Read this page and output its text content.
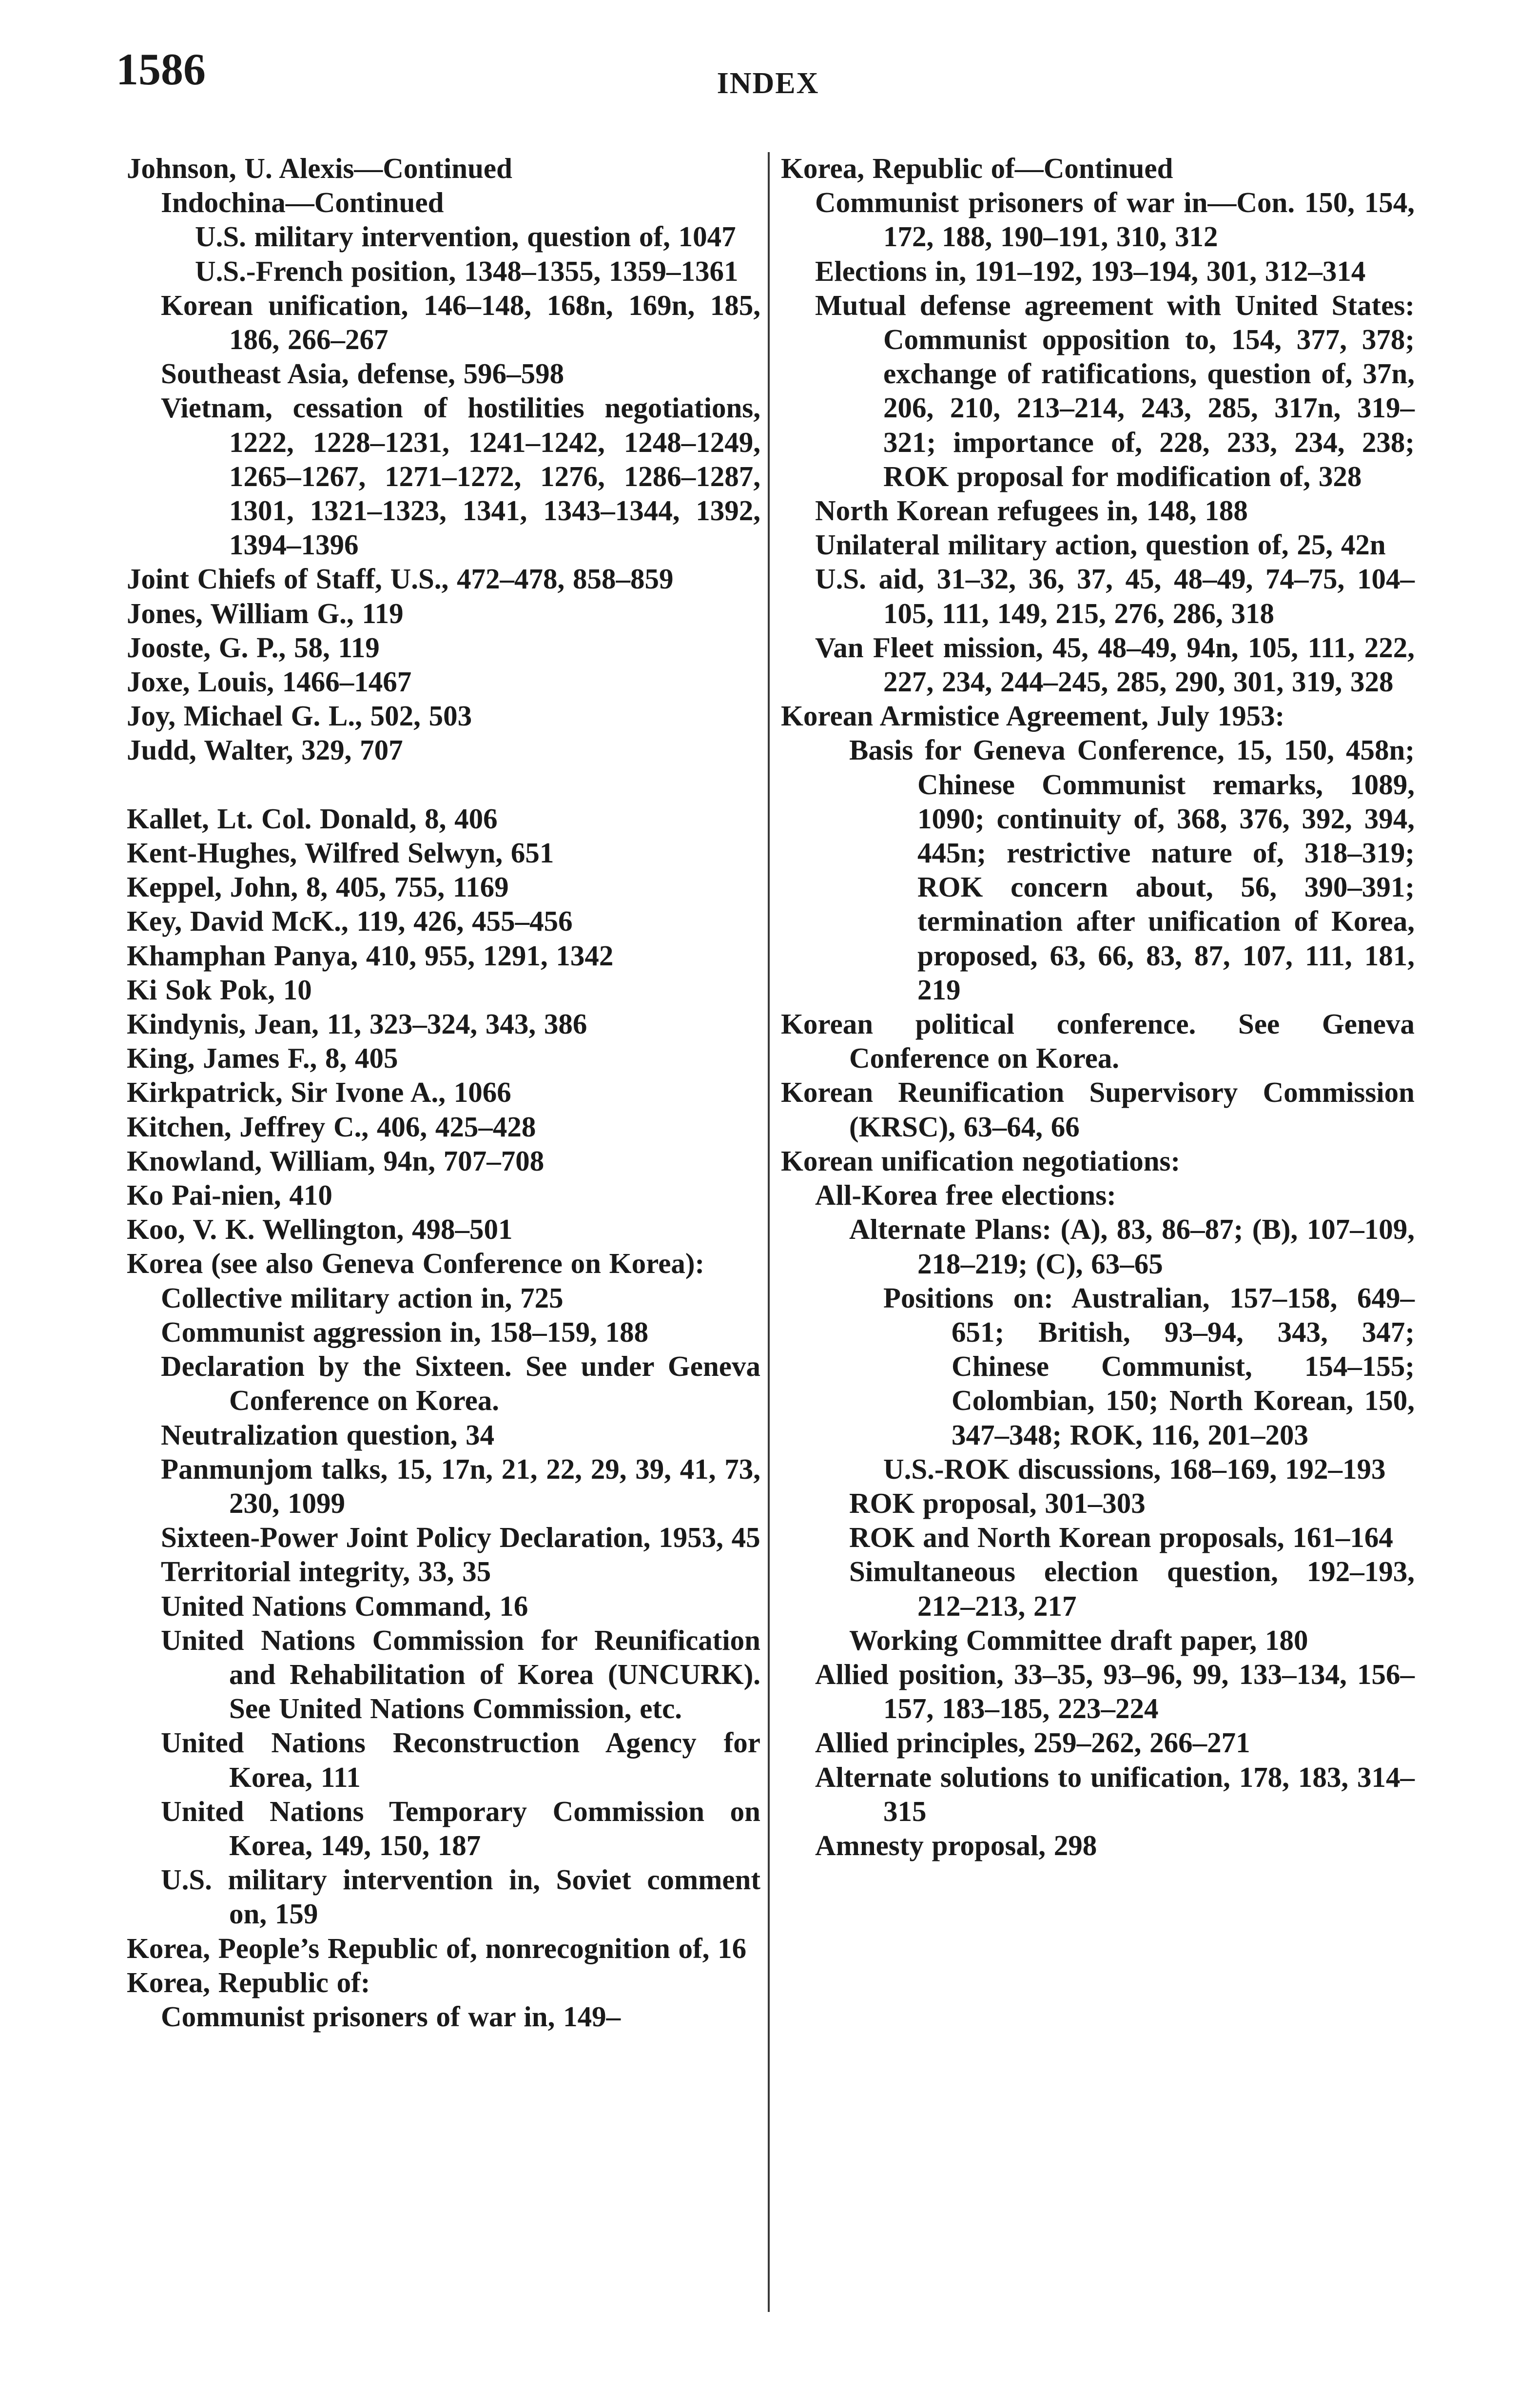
1586	INDEX
Johnson, U. Alexis—Continued
Indochina—Continued
U.S. military intervention, question of, 1047
U.S.-French position, 1348–1355, 1359–1361
Korean unification, 146–148, 168n, 169n, 185, 186, 266–267
Southeast Asia, defense, 596–598
Vietnam, cessation of hostilities negotiations, 1222, 1228–1231, 1241–1242, 1248–1249, 1265–1267, 1271–1272, 1276, 1286–1287, 1301, 1321–1323, 1341, 1343–1344, 1392, 1394–1396
Joint Chiefs of Staff, U.S., 472–478, 858–859
Jones, William G., 119
Jooste, G. P., 58, 119
Joxe, Louis, 1466–1467
Joy, Michael G. L., 502, 503
Judd, Walter, 329, 707
Kallet, Lt. Col. Donald, 8, 406
Kent-Hughes, Wilfred Selwyn, 651
Keppel, John, 8, 405, 755, 1169
Key, David McK., 119, 426, 455–456
Khamphan Panya, 410, 955, 1291, 1342
Ki Sok Pok, 10
Kindynis, Jean, 11, 323–324, 343, 386
King, James F., 8, 405
Kirkpatrick, Sir Ivone A., 1066
Kitchen, Jeffrey C., 406, 425–428
Knowland, William, 94n, 707–708
Ko Pai-nien, 410
Koo, V. K. Wellington, 498–501
Korea (see also Geneva Conference on Korea):
Collective military action in, 725
Communist aggression in, 158–159, 188
Declaration by the Sixteen. See under Geneva Conference on Korea.
Neutralization question, 34
Panmunjom talks, 15, 17n, 21, 22, 29, 39, 41, 73, 230, 1099
Sixteen-Power Joint Policy Declaration, 1953, 45
Territorial integrity, 33, 35
United Nations Command, 16
United Nations Commission for Reunification and Rehabilitation of Korea (UNCURK). See United Nations Commission, etc.
United Nations Reconstruction Agency for Korea, 111
United Nations Temporary Commission on Korea, 149, 150, 187
U.S. military intervention in, Soviet comment on, 159
Korea, People’s Republic of, nonrecognition of, 16
Korea, Republic of:
Communist prisoners of war in, 149–
Korea, Republic of—Continued
Communist prisoners of war in—Con. 150, 154, 172, 188, 190–191, 310, 312
Elections in, 191–192, 193–194, 301, 312–314
Mutual defense agreement with United States: Communist opposition to, 154, 377, 378; exchange of ratifications, question of, 37n, 206, 210, 213–214, 243, 285, 317n, 319–321; importance of, 228, 233, 234, 238; ROK proposal for modification of, 328
North Korean refugees in, 148, 188
Unilateral military action, question of, 25, 42n
U.S. aid, 31–32, 36, 37, 45, 48–49, 74–75, 104–105, 111, 149, 215, 276, 286, 318
Van Fleet mission, 45, 48–49, 94n, 105, 111, 222, 227, 234, 244–245, 285, 290, 301, 319, 328
Korean Armistice Agreement, July 1953:
Basis for Geneva Conference, 15, 150, 458n; Chinese Communist remarks, 1089, 1090; continuity of, 368, 376, 392, 394, 445n; restrictive nature of, 318–319; ROK concern about, 56, 390–391; termination after unification of Korea, proposed, 63, 66, 83, 87, 107, 111, 181, 219
Korean political conference. See Geneva Conference on Korea.
Korean Reunification Supervisory Commission (KRSC), 63–64, 66
Korean unification negotiations:
All-Korea free elections:
Alternate Plans: (A), 83, 86–87; (B), 107–109, 218–219; (C), 63–65
Positions on: Australian, 157–158, 649–651; British, 93–94, 343, 347; Chinese Communist, 154–155; Colombian, 150; North Korean, 150, 347–348; ROK, 116, 201–203
U.S.-ROK discussions, 168–169, 192–193
ROK proposal, 301–303
ROK and North Korean proposals, 161–164
Simultaneous election question, 192–193, 212–213, 217
Working Committee draft paper, 180
Allied position, 33–35, 93–96, 99, 133–134, 156–157, 183–185, 223–224
Allied principles, 259–262, 266–271
Alternate solutions to unification, 178, 183, 314–315
Amnesty proposal, 298
